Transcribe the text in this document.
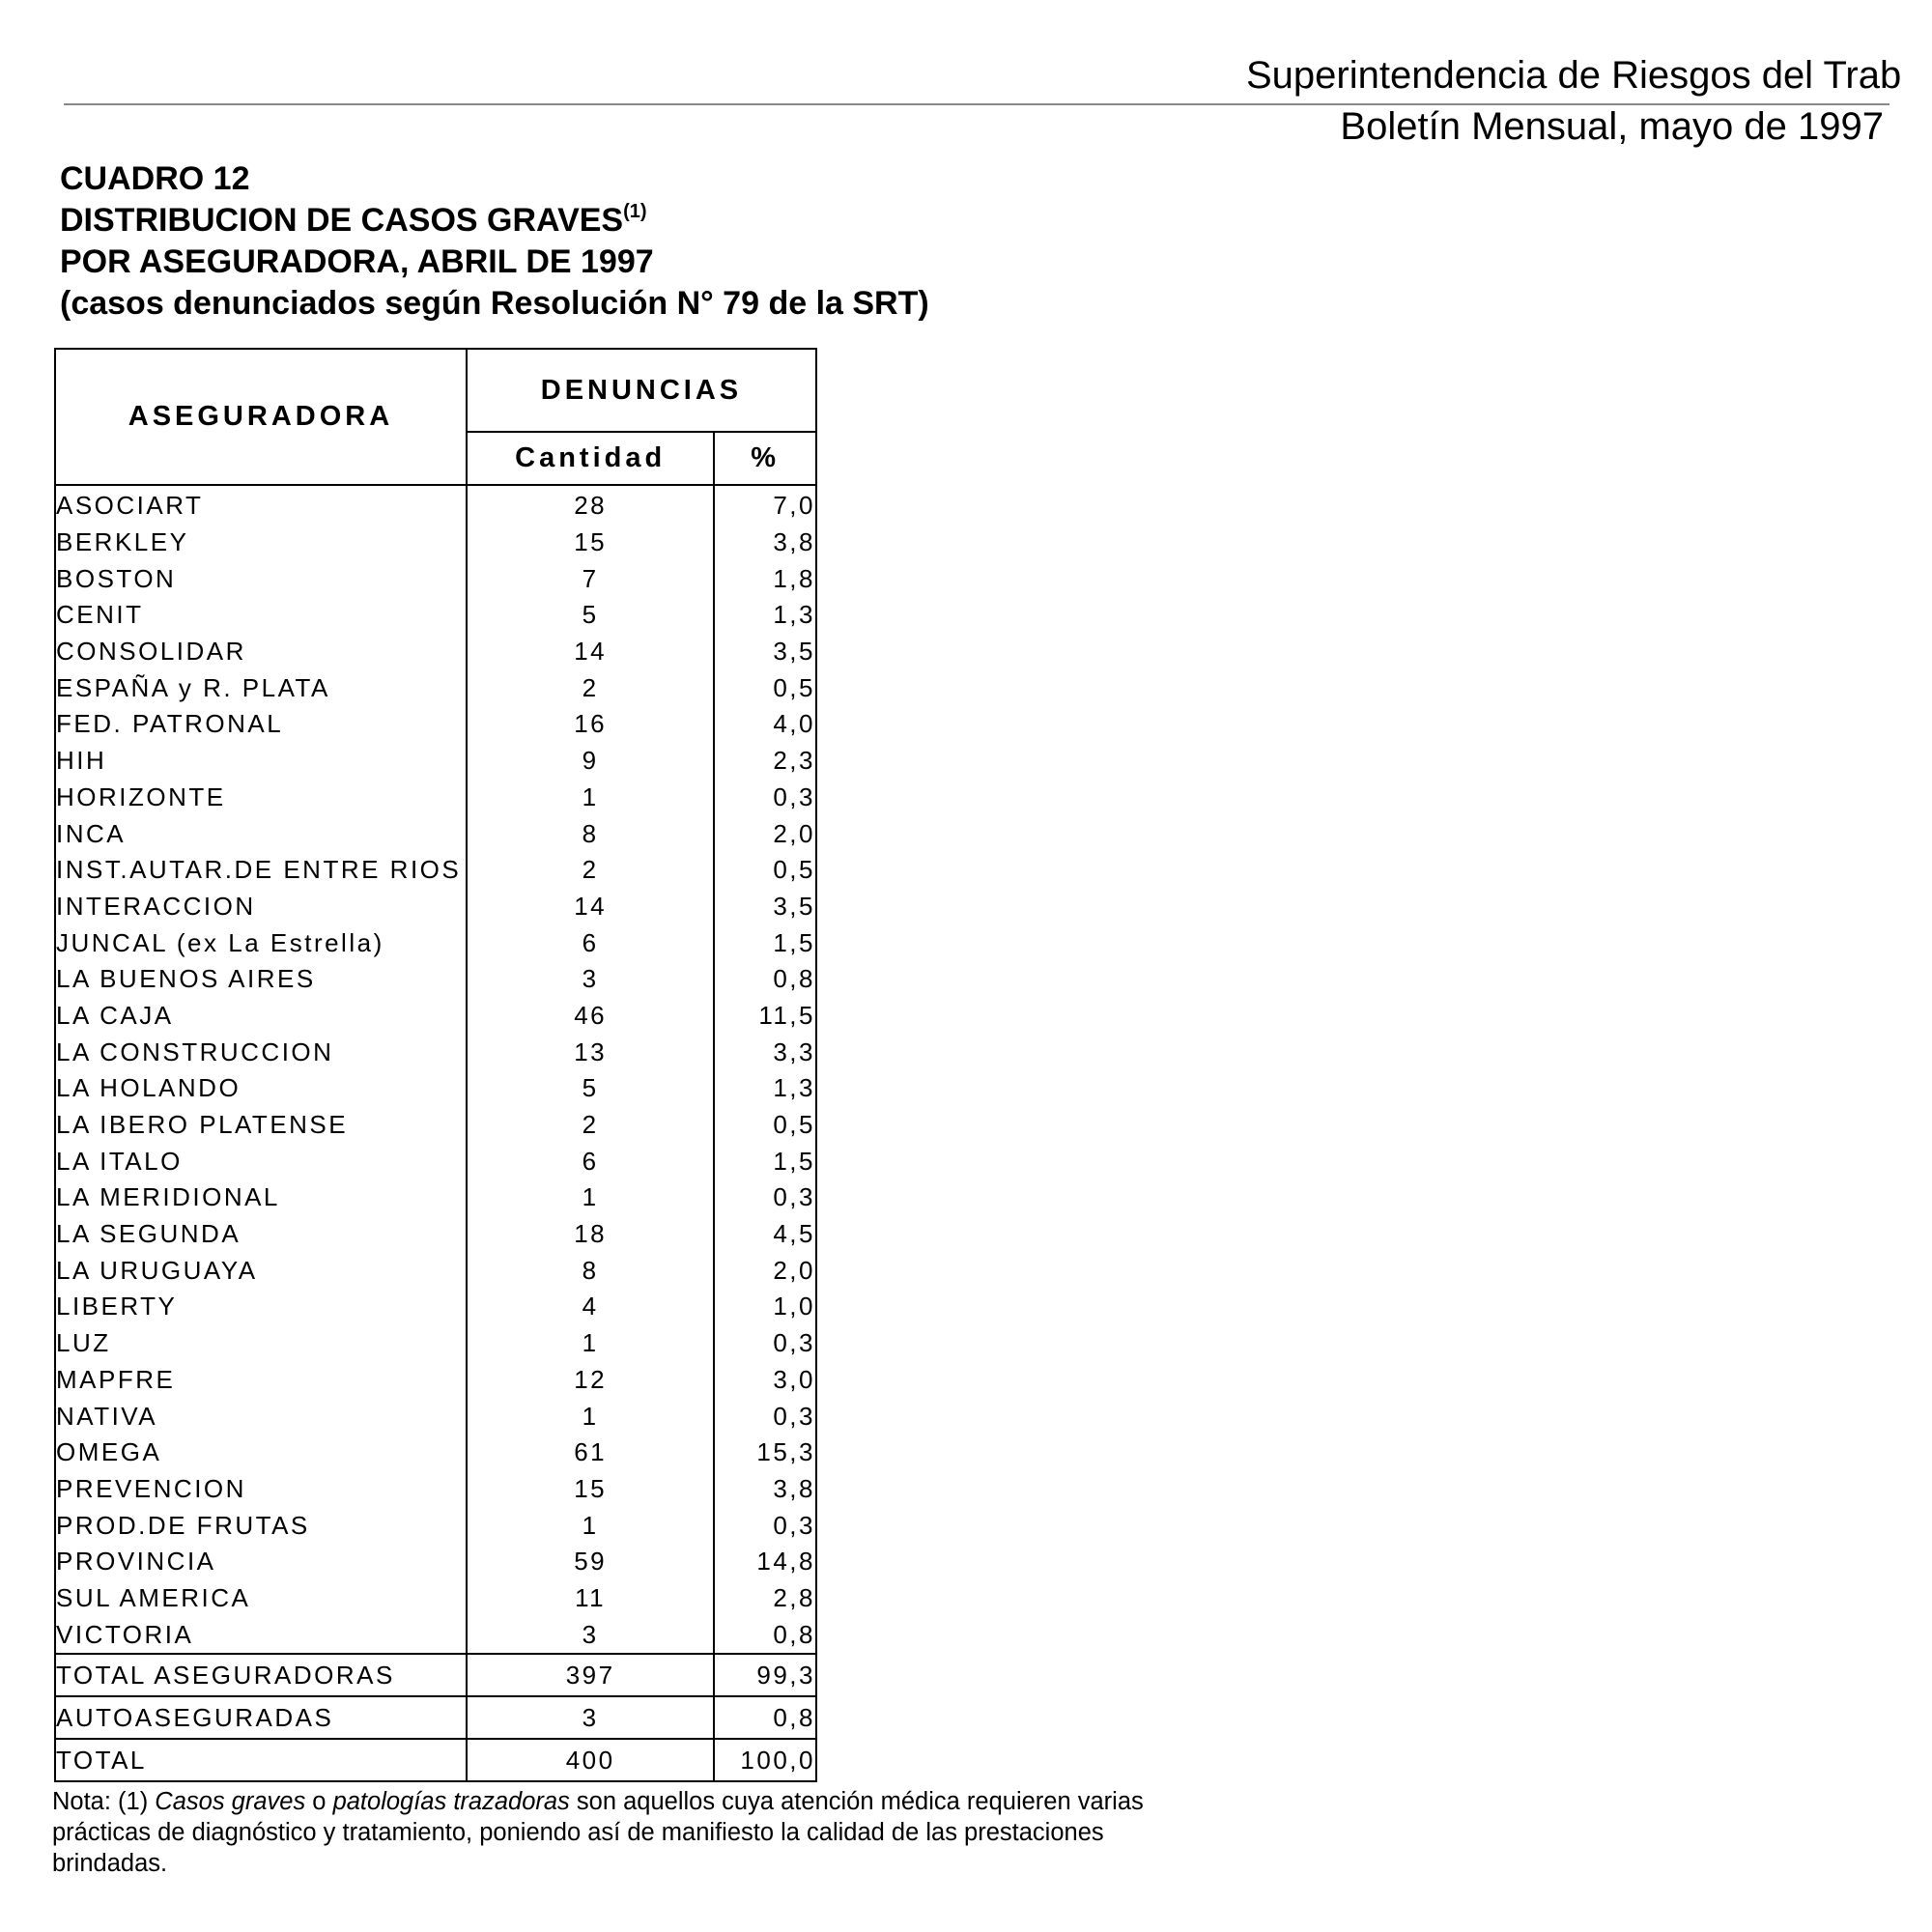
Superintendencia de Riesgos del Trab
Boletín Mensual, mayo de 1997
CUADRO 12
DISTRIBUCION DE CASOS GRAVES$^{(1)}$
POR ASEGURADORA, ABRIL DE 1997
(casos denunciados según Resolución N° 79 de la SRT)
ASEGURADORA	DENUNCIAS	
	Cantidad	%
ASOCIART	28	7,0
BERKLEY	15	3,8
BOSTON	7	1,8
CENIT	5	1,3
CONSOLIDAR	14	3,5
ESPAÑA y R. PLATA	2	0,5
FED. PATRONAL	16	4,0
HIH	9	2,3
HORIZONTE	1	0,3
INCA	8	2,0
INST.AUTAR.DE ENTRE RIOS	2	0,5
INTERACCION	14	3,5
JUNCAL (ex La Estrella)	6	1,5
LA BUENOS AIRES	3	0,8
LA CAJA	46	11,5
LA CONSTRUCCION	13	3,3
LA HOLANDO	5	1,3
LA IBERO PLATENSE	2	0,5
LA ITALO	6	1,5
LA MERIDIONAL	1	0,3
LA SEGUNDA	18	4,5
LA URUGUAYA	8	2,0
LIBERTY	4	1,0
LUZ	1	0,3
MAPFRE	12	3,0
NATIVA	1	0,3
OMEGA	61	15,3
PREVENCION	15	3,8
PROD.DE FRUTAS	1	0,3
PROVINCIA	59	14,8
SUL AMERICA	11	2,8
VICTORIA	3	0,8
TOTAL ASEGURADORAS	397	99,3
AUTOASEGURADAS	3	0,8
TOTAL	400	100,0
Nota: (1) Casos graves o patologías trazadoras son aquellos cuya atención médica requieren varias prácticas de diagnóstico y tratamiento, poniendo así de manifiesto la calidad de las prestaciones brindadas.
